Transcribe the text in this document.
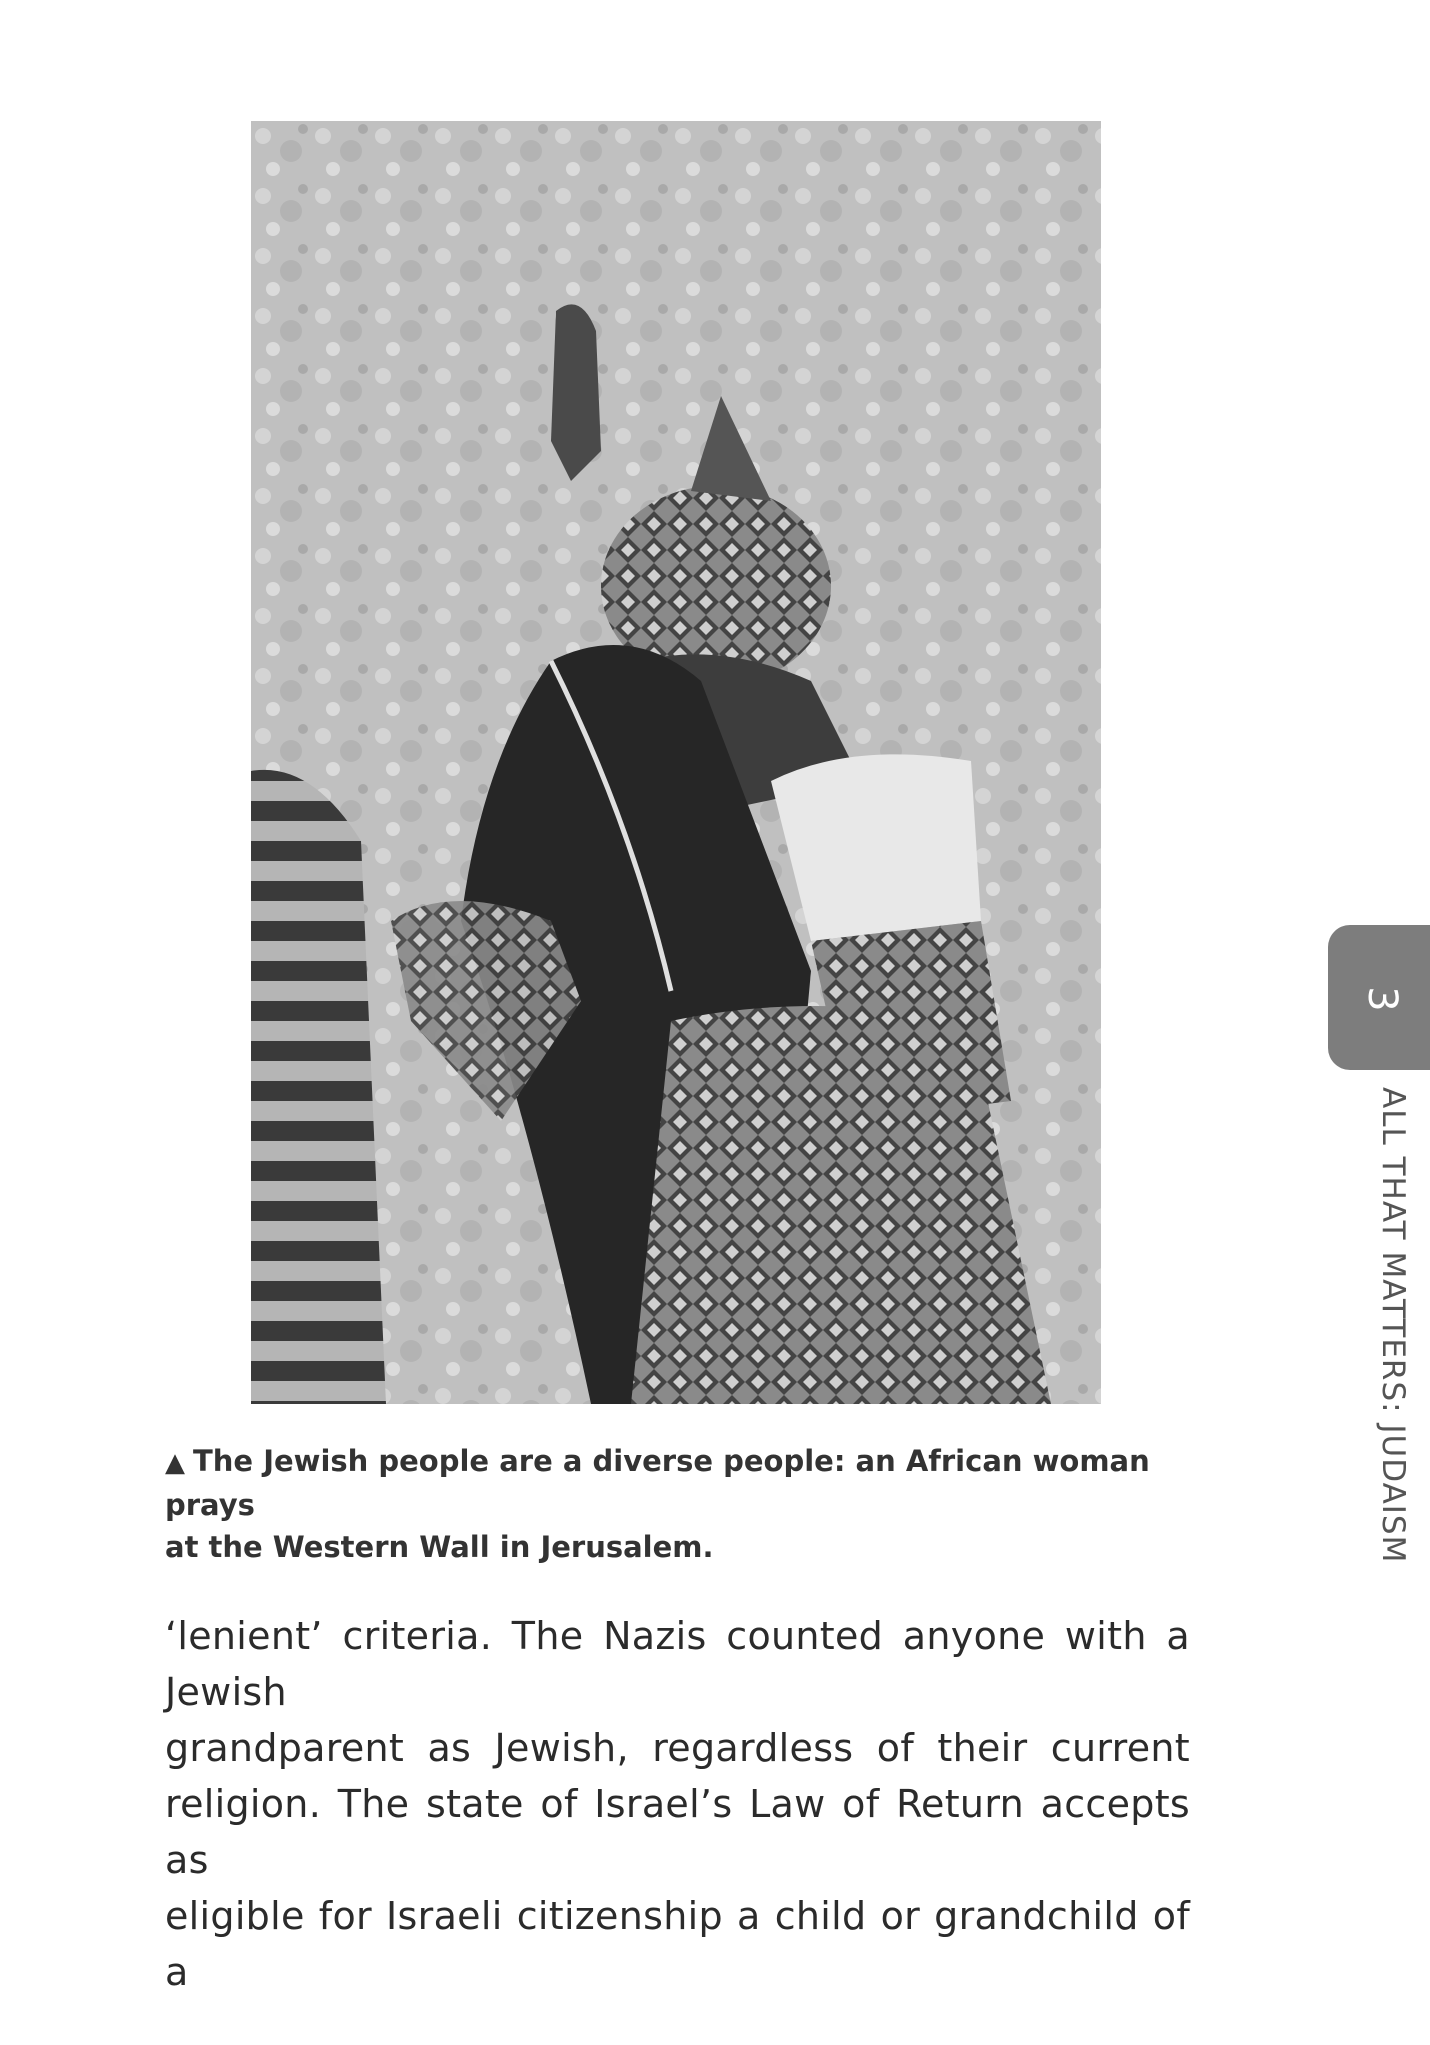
▲ The Jewish people are a diverse people: an African woman prays
at the Western Wall in Jerusalem.

‘lenient’ criteria. The Nazis counted anyone with a Jewish

grandparent as Jewish, regardless of their current

religion. The state of Israel’s Law of Return accepts as

eligible for Israeli citizenship a child or grandchild of a

3
ALL THAT MATTERS: JUDAISM
